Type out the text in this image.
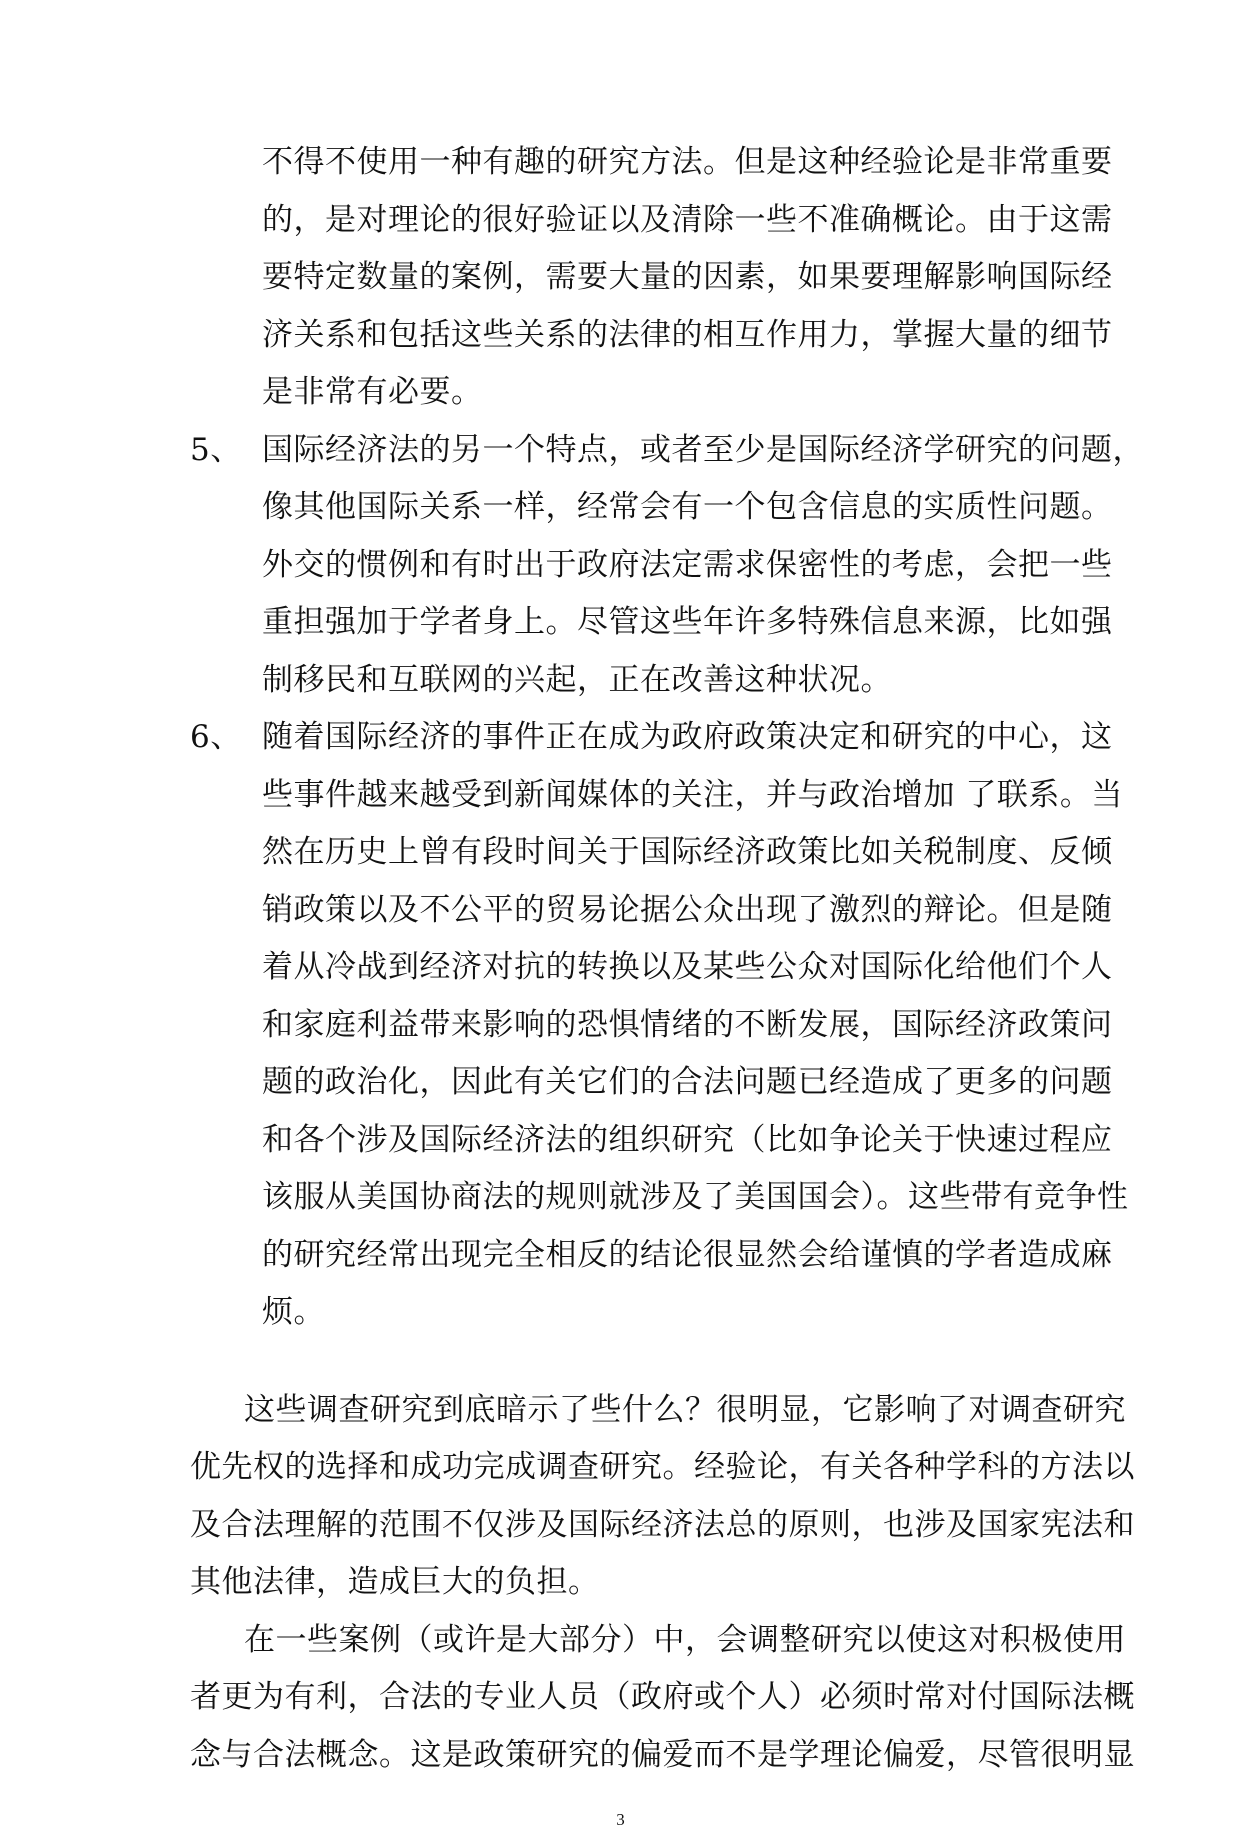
不得不使用一种有趣的研究方法。但是这种经验论是非常重要
的，是对理论的很好验证以及清除一些不准确概论。由于这需
要特定数量的案例，需要大量的因素，如果要理解影响国际经
济关系和包括这些关系的法律的相互作用力，掌握大量的细节
是非常有必要。
5、 国际经济法的另一个特点，或者至少是国际经济学研究的问题，
像其他国际关系一样，经常会有一个包含信息的实质性问题。
外交的惯例和有时出于政府法定需求保密性的考虑，会把一些
重担强加于学者身上。尽管这些年许多特殊信息来源，比如强
制移民和互联网的兴起，正在改善这种状况。
6、 随着国际经济的事件正在成为政府政策决定和研究的中心，这
些事件越来越受到新闻媒体的关注，并与政治增加 了联系。当
然在历史上曾有段时间关于国际经济政策比如关税制度、反倾
销政策以及不公平的贸易论据公众出现了激烈的辩论。但是随
着从冷战到经济对抗的转换以及某些公众对国际化给他们个人
和家庭利益带来影响的恐惧情绪的不断发展，国际经济政策问
题的政治化，因此有关它们的合法问题已经造成了更多的问题
和各个涉及国际经济法的组织研究（比如争论关于快速过程应
该服从美国协商法的规则就涉及了美国国会）。这些带有竞争性
的研究经常出现完全相反的结论很显然会给谨慎的学者造成麻
烦。
这些调查研究到底暗示了些什么？很明显，它影响了对调查研究
优先权的选择和成功完成调查研究。经验论，有关各种学科的方法以
及合法理解的范围不仅涉及国际经济法总的原则，也涉及国家宪法和
其他法律，造成巨大的负担。
在一些案例（或许是大部分）中，会调整研究以使这对积极使用
者更为有利，合法的专业人员（政府或个人）必须时常对付国际法概
念与合法概念。这是政策研究的偏爱而不是学理论偏爱，尽管很明显
3
